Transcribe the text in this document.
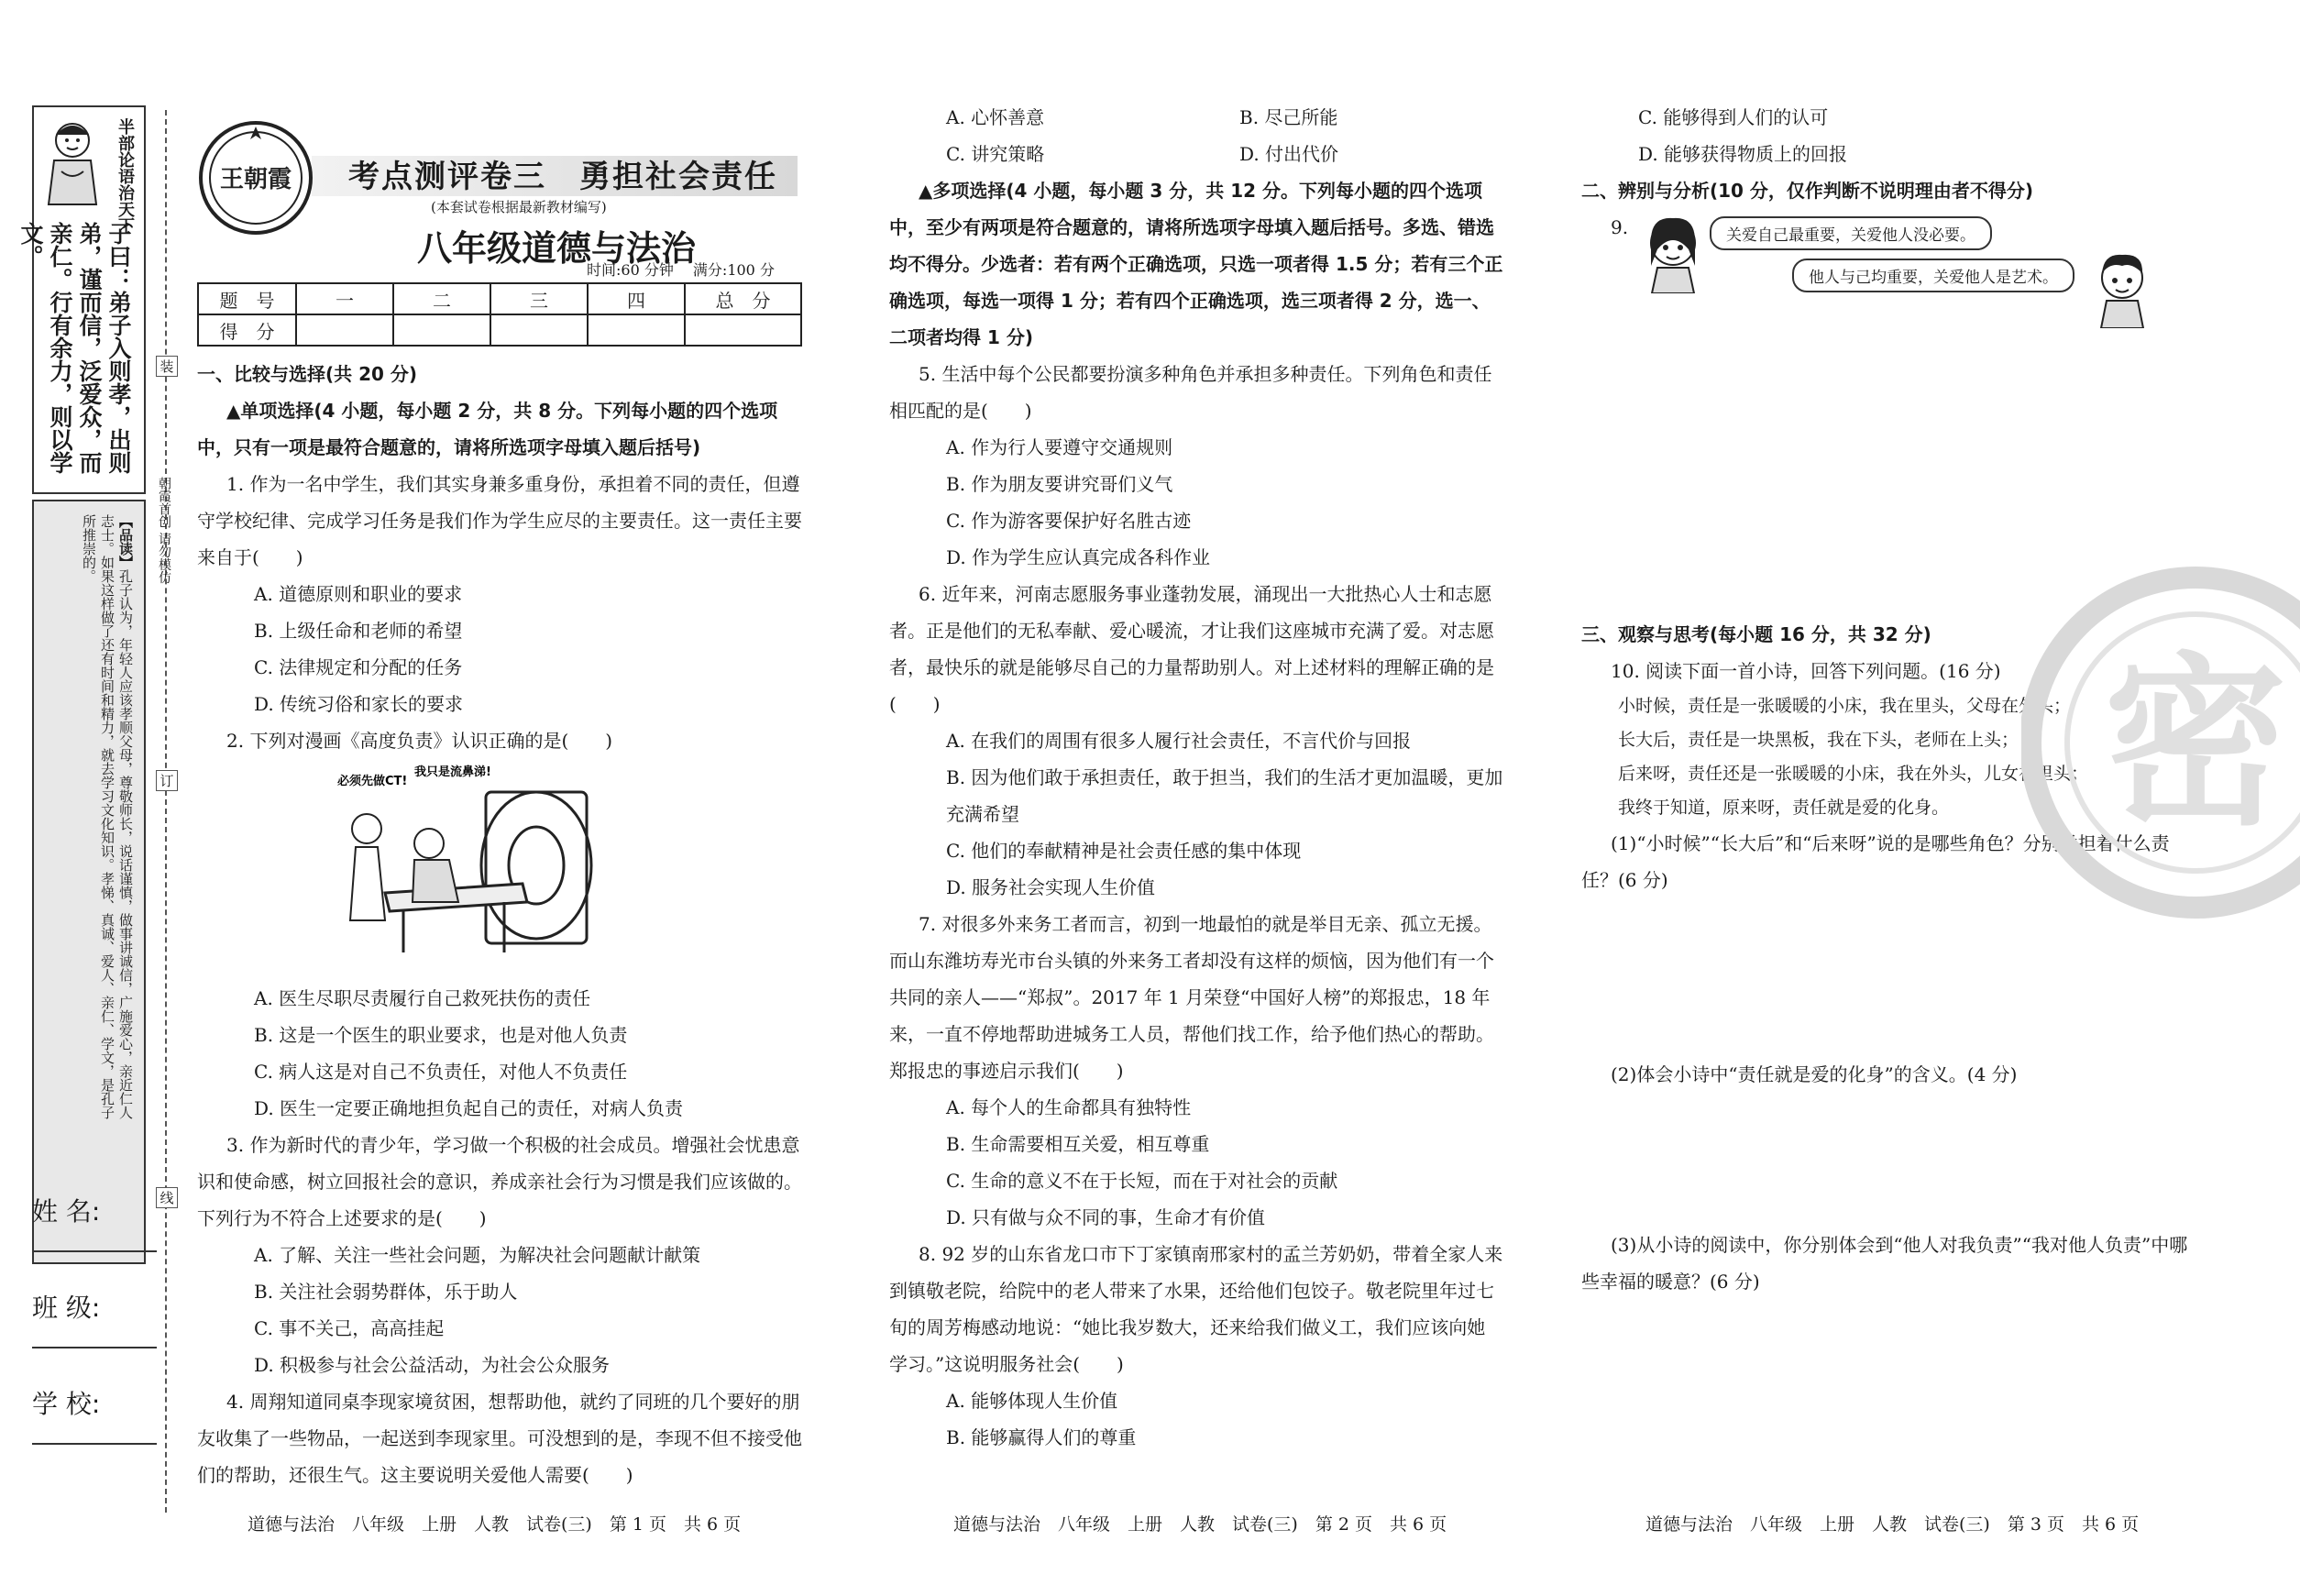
半部论语治天下
子曰：弟子入则孝，出则弟，谨而信，泛爱众，而亲仁。行有余力，则以学文。
【品读】孔子认为，年轻人应该孝顺父母，尊敬师长，说话谨慎，做事讲诚信，广施爱心，亲近仁人志士。如果这样做了还有时间和精力，就去学习文化知识。孝悌、真诚、爱人、亲仁、学文，是孔子所推崇的。
姓 名:
班 级:
学 校:
装
订
线
朝霞首创 请勿模仿
王朝霞 考点测评卷三　勇担社会责任
(本套试卷根据最新教材编写)
八年级道德与法治
时间:60 分钟　 满分:100 分
题　号	一	二	三	四	总　分
得　分					

一、比较与选择(共 20 分)

▲单项选择(4 小题，每小题 2 分，共 8 分。下列每小题的四个选项中，只有一项是最符合题意的，请将所选项字母填入题后括号)

1. 作为一名中学生，我们其实身兼多重身份，承担着不同的责任，但遵守学校纪律、完成学习任务是我们作为学生应尽的主要责任。这一责任主要来自于(　　)

A. 道德原则和职业的要求

B. 上级任命和老师的希望

C. 法律规定和分配的任务

D. 传统习俗和家长的要求

2. 下列对漫画《高度负责》认识正确的是(　　)

必须先做CT!
我只是流鼻涕!

A. 医生尽职尽责履行自己救死扶伤的责任

B. 这是一个医生的职业要求，也是对他人负责

C. 病人这是对自己不负责任，对他人不负责任

D. 医生一定要正确地担负起自己的责任，对病人负责

3. 作为新时代的青少年，学习做一个积极的社会成员。增强社会忧患意识和使命感，树立回报社会的意识，养成亲社会行为习惯是我们应该做的。下列行为不符合上述要求的是(　　)

A. 了解、关注一些社会问题，为解决社会问题献计献策

B. 关注社会弱势群体，乐于助人

C. 事不关己，高高挂起

D. 积极参与社会公益活动，为社会公众服务

4. 周翔知道同桌李现家境贫困，想帮助他，就约了同班的几个要好的朋友收集了一些物品，一起送到李现家里。可没想到的是，李现不但不接受他们的帮助，还很生气。这主要说明关爱他人需要(　　)

道德与法治　八年级　上册　人教　试卷(三)　第 1 页　共 6 页

A. 心怀善意	B. 尽己所能

C. 讲究策略	D. 付出代价

▲多项选择(4 小题，每小题 3 分，共 12 分。下列每小题的四个选项中，至少有两项是符合题意的，请将所选项字母填入题后括号。多选、错选均不得分。少选者：若有两个正确选项，只选一项者得 1.5 分；若有三个正确选项，每选一项得 1 分；若有四个正确选项，选三项者得 2 分，选一、二项者均得 1 分)

5. 生活中每个公民都要扮演多种角色并承担多种责任。下列角色和责任相匹配的是(　　)

A. 作为行人要遵守交通规则

B. 作为朋友要讲究哥们义气

C. 作为游客要保护好名胜古迹

D. 作为学生应认真完成各科作业

6. 近年来，河南志愿服务事业蓬勃发展，涌现出一大批热心人士和志愿者。正是他们的无私奉献、爱心暖流，才让我们这座城市充满了爱。对志愿者，最快乐的就是能够尽自己的力量帮助别人。对上述材料的理解正确的是(　　)

A. 在我们的周围有很多人履行社会责任，不言代价与回报

B. 因为他们敢于承担责任，敢于担当，我们的生活才更加温暖，更加充满希望

C. 他们的奉献精神是社会责任感的集中体现

D. 服务社会实现人生价值

7. 对很多外来务工者而言，初到一地最怕的就是举目无亲、孤立无援。而山东潍坊寿光市台头镇的外来务工者却没有这样的烦恼，因为他们有一个共同的亲人——“郑叔”。2017 年 1 月荣登“中国好人榜”的郑报忠，18 年来，一直不停地帮助进城务工人员，帮他们找工作，给予他们热心的帮助。郑报忠的事迹启示我们(　　)

A. 每个人的生命都具有独特性

B. 生命需要相互关爱，相互尊重

C. 生命的意义不在于长短，而在于对社会的贡献

D. 只有做与众不同的事，生命才有价值

8. 92 岁的山东省龙口市下丁家镇南邢家村的孟兰芳奶奶，带着全家人来到镇敬老院，给院中的老人带来了水果，还给他们包饺子。敬老院里年过七旬的周芳梅感动地说：“她比我岁数大，还来给我们做义工，我们应该向她学习。”这说明服务社会(　　)

A. 能够体现人生价值

B. 能够赢得人们的尊重

道德与法治　八年级　上册　人教　试卷(三)　第 2 页　共 6 页

C. 能够得到人们的认可

D. 能够获得物质上的回报

二、辨别与分析(10 分，仅作判断不说明理由者不得分)

9.	关爱自己最重要，关爱他人没必要。
他人与己均重要，关爱他人是艺术。

三、观察与思考(每小题 16 分，共 32 分)

10. 阅读下面一首小诗，回答下列问题。(16 分)

小时候，责任是一张暖暖的小床，我在里头，父母在外头；

长大后，责任是一块黑板，我在下头，老师在上头；

后来呀，责任还是一张暖暖的小床，我在外头，儿女在里头；

我终于知道，原来呀，责任就是爱的化身。

(1)“小时候”“长大后”和“后来呀”说的是哪些角色？分别承担着什么责任？(6 分)

(2)体会小诗中“责任就是爱的化身”的含义。(4 分)

(3)从小诗的阅读中，你分别体会到“他人对我负责”“我对他人负责”中哪些幸福的暖意？(6 分)

密
道德与法治　八年级　上册　人教　试卷(三)　第 3 页　共 6 页
